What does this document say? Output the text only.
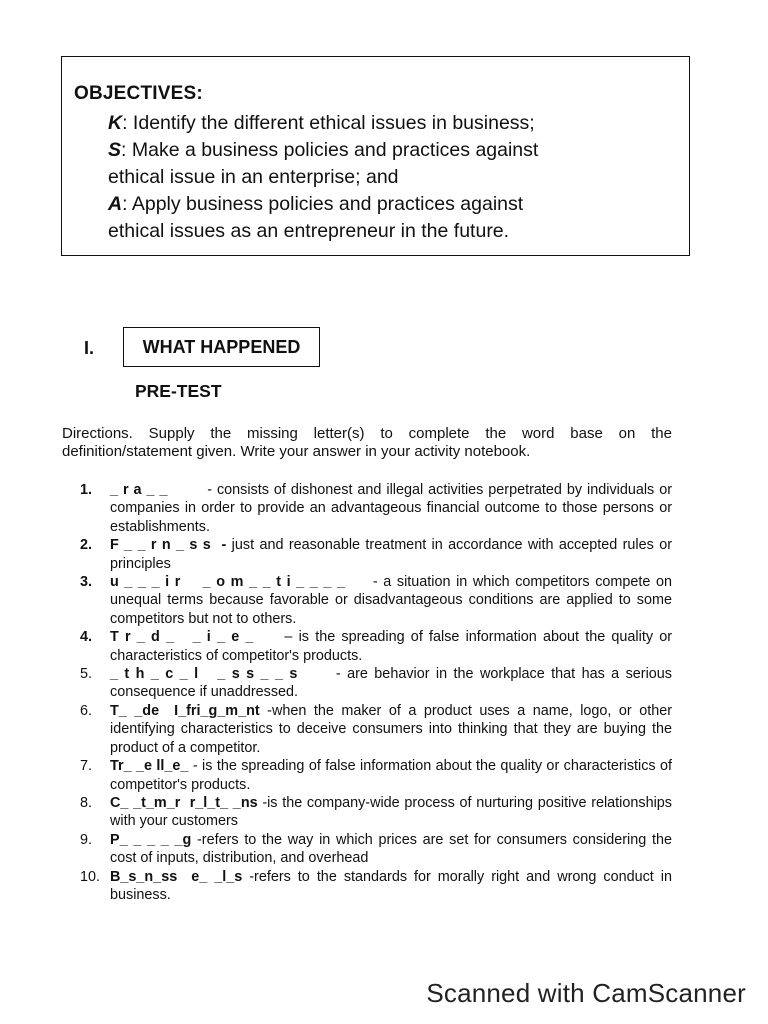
OBJECTIVES:
K: Identify the different ethical issues in business;
S: Make a business policies and practices against
ethical issue in an enterprise; and
A: Apply business policies and practices against
ethical issues as an entrepreneur in the future.
I.	WHAT HAPPENED
PRE-TEST
Directions. Supply the missing letter(s) to complete the word base on the definition/statement given. Write your answer in your activity notebook.
1. _ r a _ _        - consists of dishonest and illegal activities perpetrated by individuals or companies in order to provide an advantageous financial outcome to those persons or establishments.
2. F _ _ r n _ s s  - just and reasonable treatment in accordance with accepted rules or principles
3. u _ _ _ i r    _ o m _ _ t i _ _ _ _     - a situation in which competitors compete on unequal terms because favorable or disadvantageous conditions are applied to some competitors but not to others.
4. T r _ d _   _ i _ e _     – is the spreading of false information about the quality or characteristics of competitor's products.
5. _ t h _ c _ l   _ s s _ _ s      - are behavior in the workplace that has a serious consequence if unaddressed.
6. T_ _de  I_fri_g_m_nt -when the maker of a product uses a name, logo, or other identifying characteristics to deceive consumers into thinking that they are buying the product of a competitor.
7. Tr_ _e ll_e_ - is the spreading of false information about the quality or characteristics of competitor's products.
8. C_ _t_m_r  r_l_t_ _ns -is the company-wide process of nurturing positive relationships with your customers
9. P_ _ _ _ _g -refers to the way in which prices are set for consumers considering the cost of inputs, distribution, and overhead
10. B_s_n_ss  e_ _l_s -refers to the standards for morally right and wrong conduct in business.
Scanned with CamScanner
